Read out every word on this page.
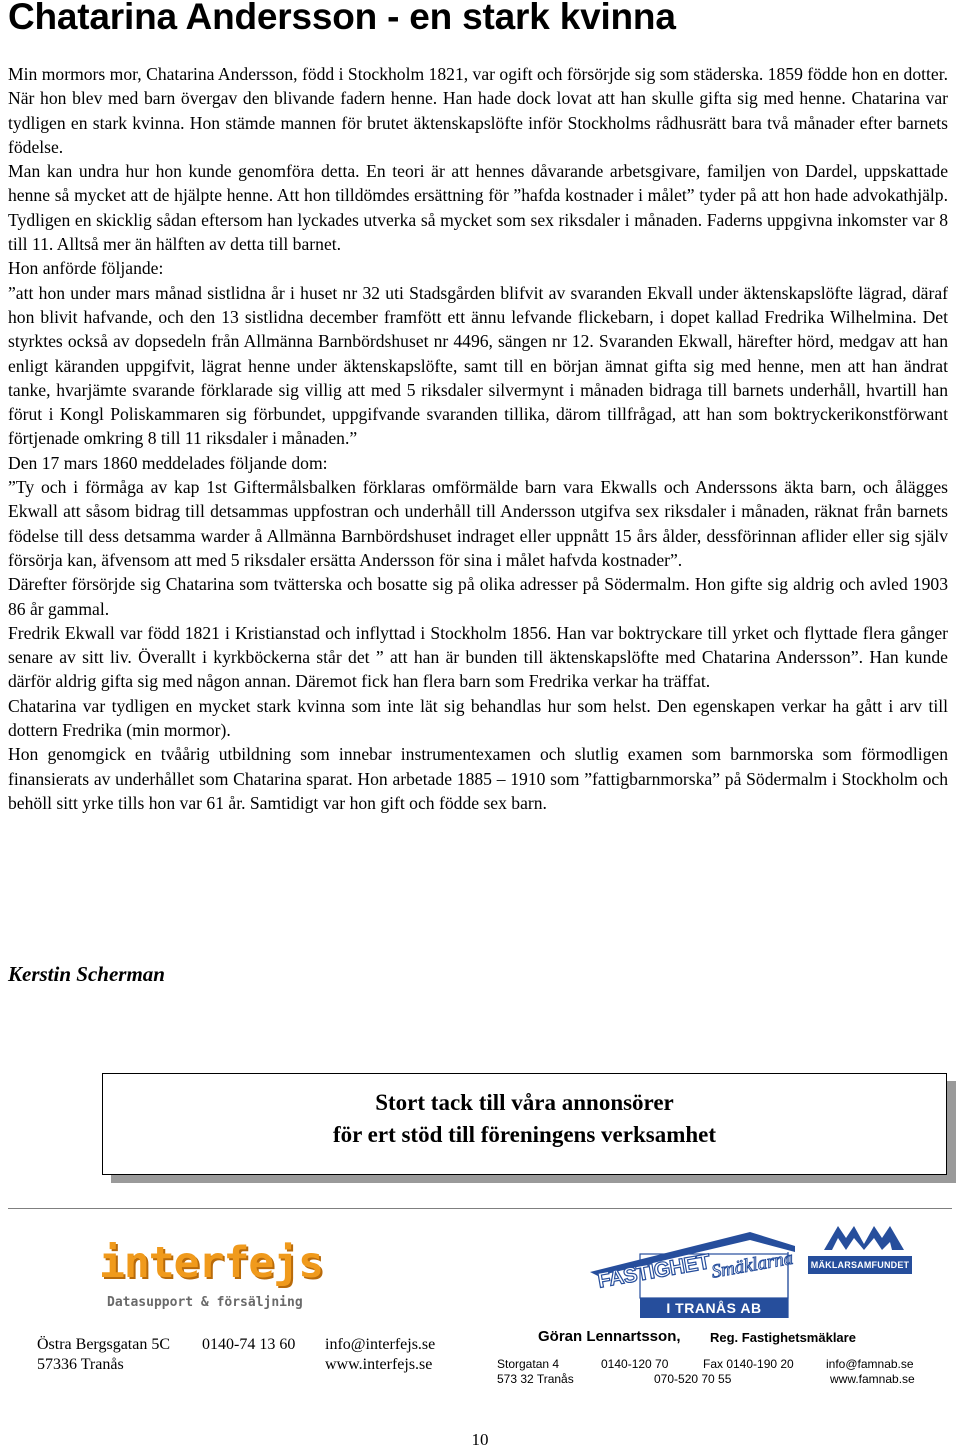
Chatarina Andersson - en stark kvinna

Min mormors mor, Chatarina Andersson, född i Stockholm 1821, var ogift och försörjde sig som städerska. 1859 födde hon en dotter. När hon blev med barn övergav den blivande fadern henne. Han hade dock lovat att han skulle gifta sig med henne. Chatarina var tydligen en stark kvinna. Hon stämde mannen för brutet äktenskapslöfte inför Stockholms rådhusrätt bara två månader efter barnets födelse.

Man kan undra hur hon kunde genomföra detta. En teori är att hennes dåvarande arbetsgivare, familjen von Dardel, uppskattade henne så mycket att de hjälpte henne. Att hon tilldömdes ersättning för ”hafda kostnader i målet” tyder på att hon hade advokathjälp. Tydligen en skicklig sådan eftersom han lyckades utverka så mycket som sex riksdaler i månaden. Faderns uppgivna inkomster var 8 till 11. Alltså mer än hälften av detta till barnet.

Hon anförde följande:

”att hon under mars månad sistlidna år i huset nr 32 uti Stadsgården blifvit av svaranden Ekvall under äktenskapslöfte lägrad, däraf hon blivit hafvande, och den 13 sistlidna december framfött ett ännu lefvande flickebarn, i dopet kallad Fredrika Wilhelmina. Det styrktes också av dopsedeln från Allmänna Barnbördshuset nr 4496, sängen nr 12. Svaranden Ekwall, härefter hörd, medgav att han enligt käranden uppgifvit, lägrat henne under äktenskapslöfte, samt till en början ämnat gifta sig med henne, men att han ändrat tanke, hvarjämte svarande förklarade sig villig att med 5 riksdaler silvermynt i månaden bidraga till barnets underhåll, hvartill han förut i Kongl Poliskammaren sig förbundet, uppgifvande svaranden tillika, därom tillfrågad, att han som boktryckerikonstförwant förtjenade omkring 8 till 11 riksdaler i månaden.”

Den 17 mars 1860 meddelades följande dom:

”Ty och i förmåga av kap 1st Giftermålsbalken förklaras omförmälde barn vara Ekwalls och Anderssons äkta barn, och ålägges Ekwall att såsom bidrag till detsammas uppfostran och underhåll till Andersson utgifva sex riksdaler i månaden, räknat från barnets födelse till dess detsamma warder å Allmänna Barnbördshuset indraget eller uppnått 15 års ålder, dessförinnan aflider eller sig själv försörja kan, äfvensom att med 5 riksdaler ersätta Andersson för sina i målet hafvda kostnader”.

Därefter försörjde sig Chatarina som tvätterska och bosatte sig på olika adresser på Södermalm. Hon gifte sig aldrig och avled 1903 86 år gammal.

Fredrik Ekwall var född 1821 i Kristianstad och inflyttad i Stockholm 1856. Han var boktryckare till yrket och flyttade flera gånger senare av sitt liv. Överallt i kyrkböckerna står det ” att han är bunden till äktenskapslöfte med Chatarina Andersson”. Han kunde därför aldrig gifta sig med någon annan. Däremot fick han flera barn som Fredrika verkar ha träffat.

Chatarina var tydligen en mycket stark kvinna som inte lät sig behandlas hur som helst. Den egenskapen verkar ha gått i arv till dottern Fredrika (min mormor).

Hon genomgick en tvåårig utbildning som innebar instrumentexamen och slutlig examen som barnmorska som förmodligen finansierats av underhållet som Chatarina sparat. Hon arbetade 1885 – 1910 som ”fattigbarnmorska” på Södermalm i Stockholm och behöll sitt yrke tills hon var 61 år. Samtidigt var hon gift och födde sex barn.

Kerstin Scherman
Stort tack till våra annonsörer
för ert stöd till föreningens verksamhet
interfejs
Datasupport & försäljning
Östra Bergsgatan 5C
57336 Tranås
0140-74 13 60 info@interfejs.se
www.interfejs.se
FASTIGHET
Smäklarna
I TRANÅS AB
MÄKLARSAMFUNDET
Göran Lennartsson, Reg. Fastighetsmäklare
Storgatan 4
573 32 Tranås
0140-120 70
070-520 70 55
Fax 0140-190 20	info@famnab.se
www.famnab.se
10
